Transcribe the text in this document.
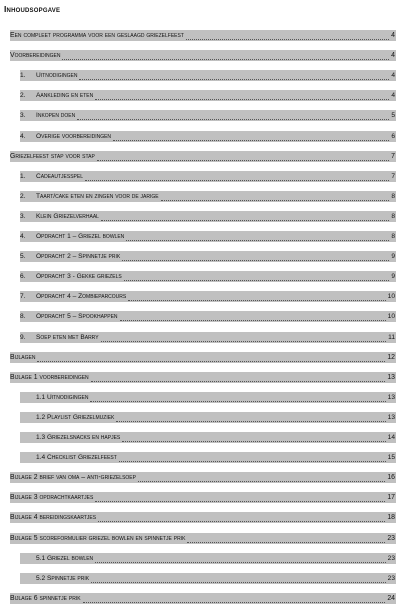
Inhoudsopgave
Een compleet programma voor een geslaagd griezelfeest	4
Voorbereidingen	4
1. Uitnodigingen	4
2. Aankleding en eten	4
3. Inkopen doen	5
4. Overige voorbereidingen	6
Griezelfeest stap voor stap	7
1. Cadeautjesspel	7
2. Taart/cake eten en zingen voor de jarige	8
3. Klein Griezelverhaal	8
4. Opdracht 1 – Griezel bowlen	8
5. Opdracht 2 – Spinnetje prik	9
6. Opdracht 3 - Gekke griezels	9
7. Opdracht 4 – Zombieparcours	10
8. Opdracht 5 – Spookhappen	10
9. Soep eten met Barry	11
Bijlagen	12
Bijlage 1 voorbereidingen	13
1.1 Uitnodigingen	13
1.2 Playlist Griezelmuziek	13
1.3 Griezelsnacks en hapjes	14
1.4 Checklist Griezelfeest	15
Bijlage 2 brief van oma – anti-griezelsoep	16
Bijlage 3 opdrachtkaartjes	17
Bijlage 4 bereidingskaartjes	18
Bijlage 5 scoreformulier griezel bowlen en spinnetje prik	23
5.1 Griezel bowlen	23
5.2 Spinnetje prik	23
Bijlage 6 spinnetje prik	24
